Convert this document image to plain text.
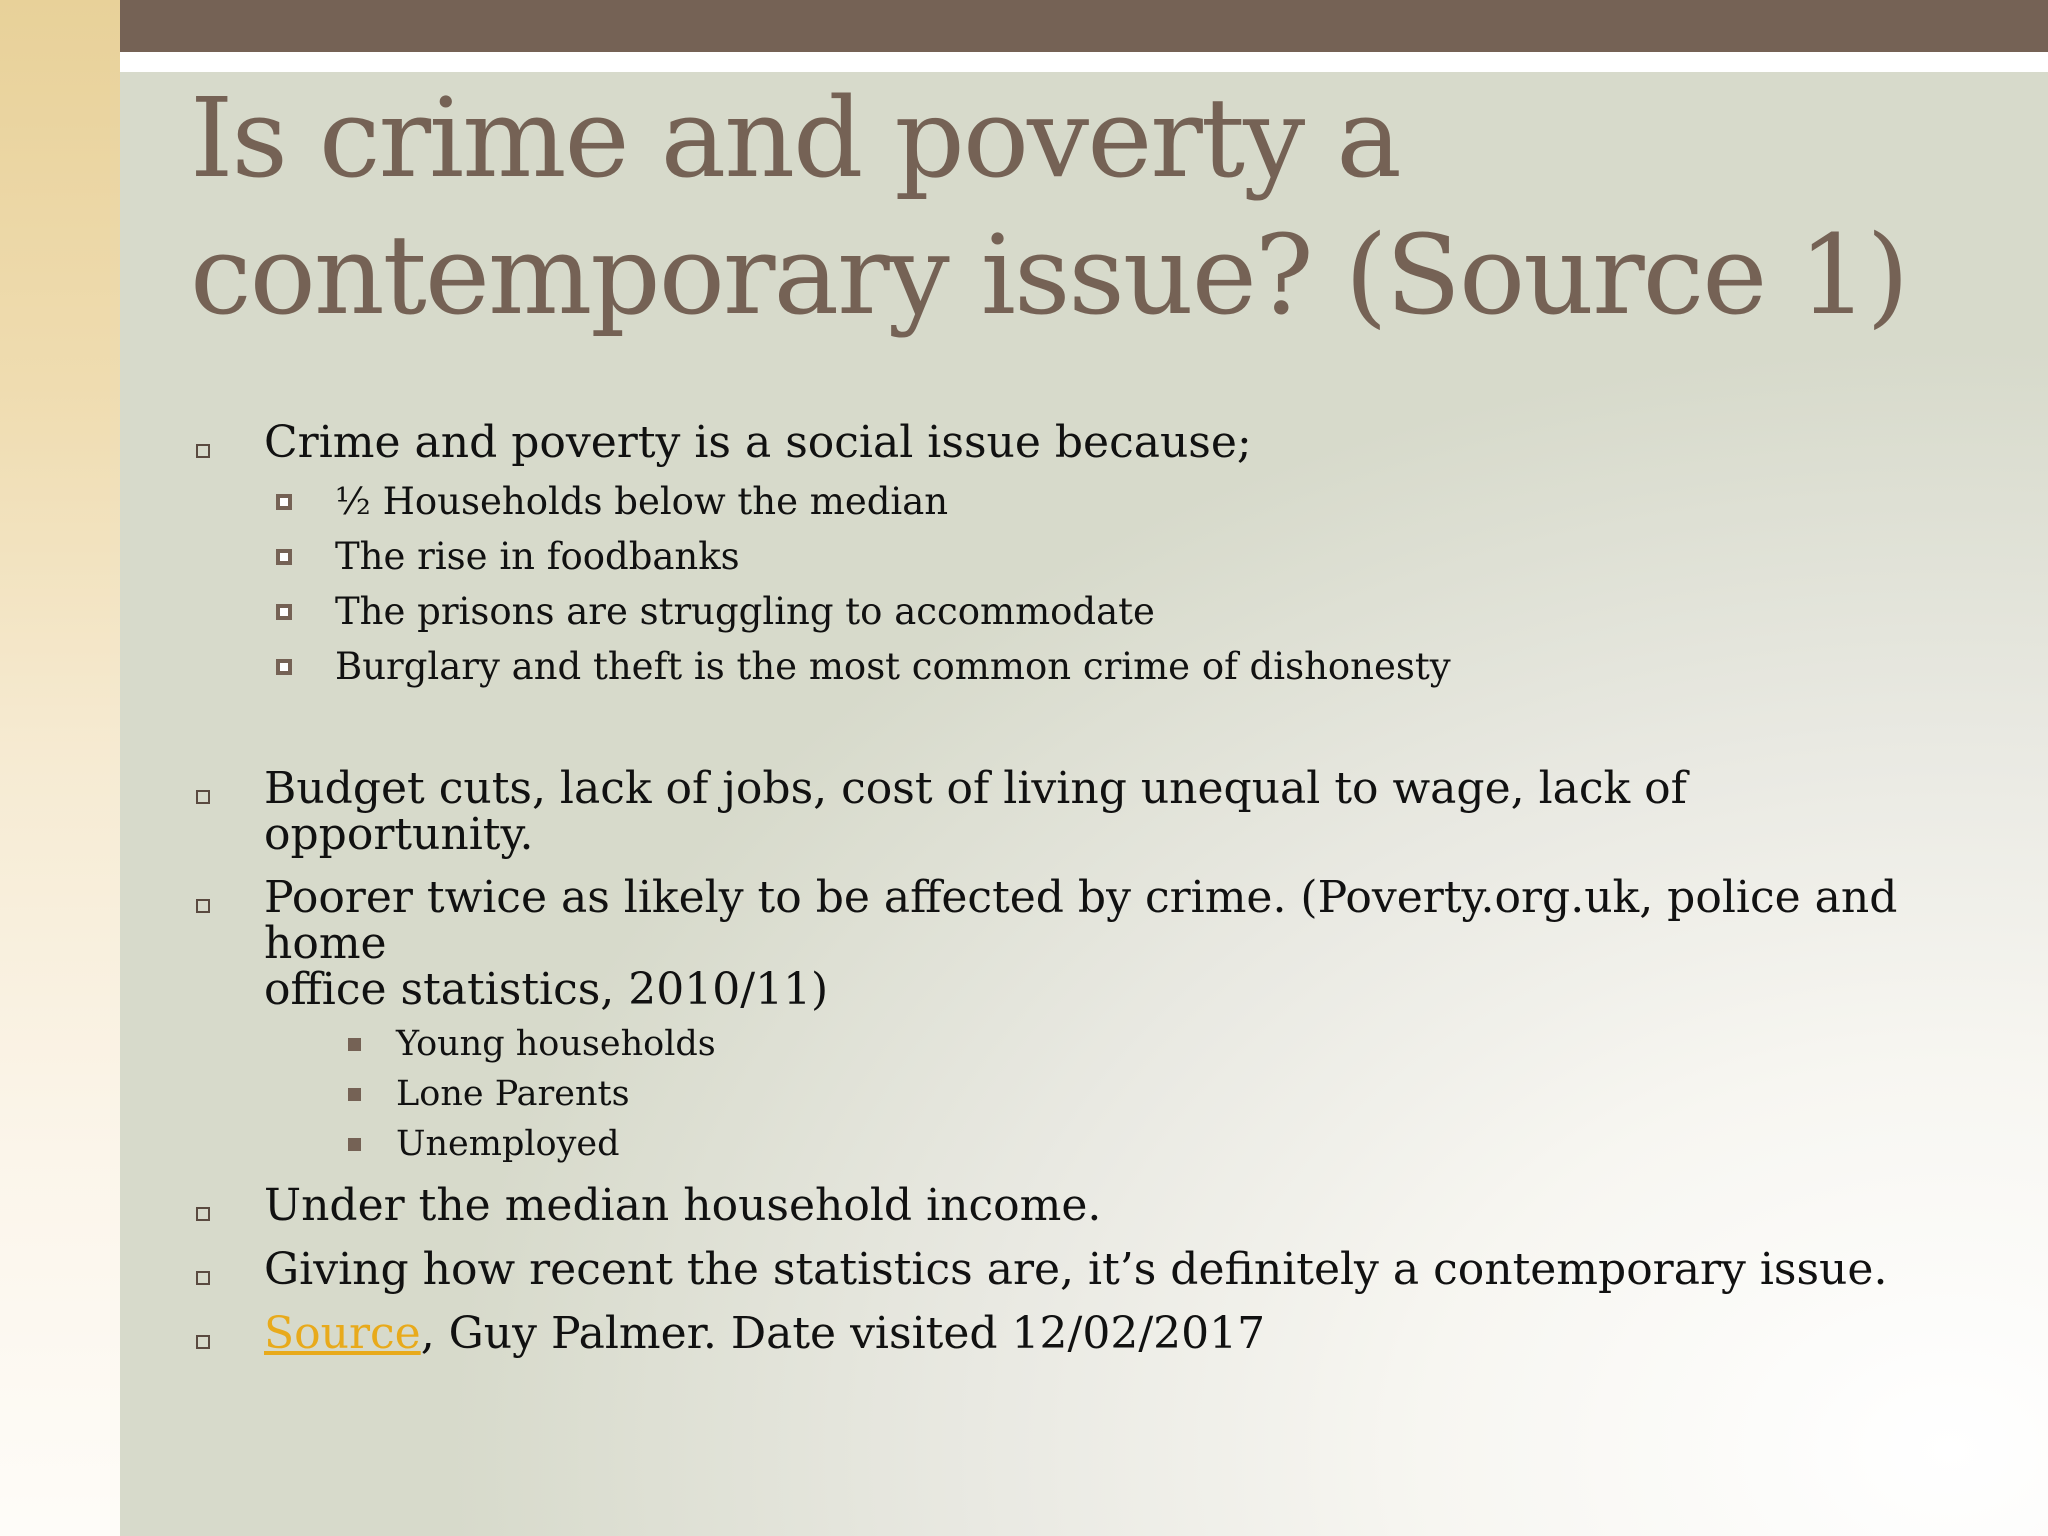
Is crime and poverty a
contemporary issue? (Source 1)
Crime and poverty is a social issue because;
½ Households below the median
The rise in foodbanks
The prisons are struggling to accommodate
Burglary and theft is the most common crime of dishonesty
Budget cuts, lack of jobs, cost of living unequal to wage, lack of opportunity.
Poorer twice as likely to be affected by crime. (Poverty.org.uk, police and home
office statistics, 2010/11)
Young households
Lone Parents
Unemployed
Under the median household income.
Giving how recent the statistics are, it’s definitely a contemporary issue.
Source, Guy Palmer. Date visited 12/02/2017
